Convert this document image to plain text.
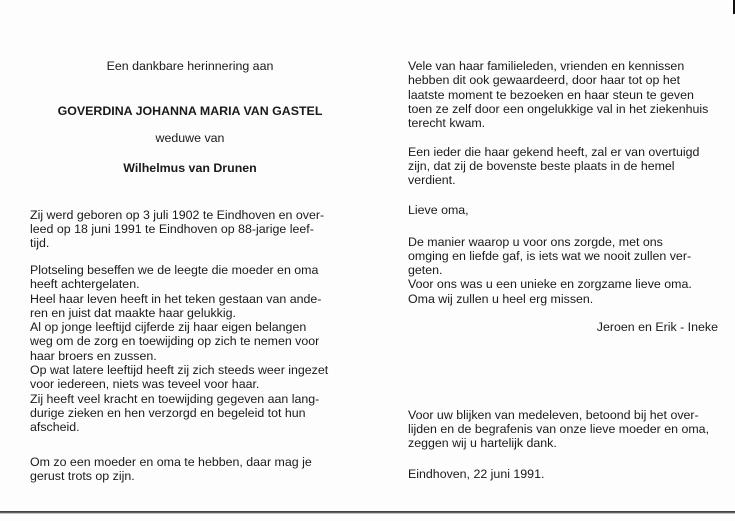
Een dankbare herinnering aan
GOVERDINA JOHANNA MARIA VAN GASTEL
weduwe van
Wilhelmus van Drunen
Zij werd geboren op 3 juli 1902 te Eindhoven en over-
leed op 18 juni 1991 te Eindhoven op 88-jarige leef-
tijd.
Plotseling beseffen we de leegte die moeder en oma
heeft achtergelaten.
Heel haar leven heeft in het teken gestaan van ande-
ren en juist dat maakte haar gelukkig.
Al op jonge leeftijd cijferde zij haar eigen belangen
weg om de zorg en toewijding op zich te nemen voor
haar broers en zussen.
Op wat latere leeftijd heeft zij zich steeds weer ingezet
voor iedereen, niets was teveel voor haar.
Zij heeft veel kracht en toewijding gegeven aan lang-
durige zieken en hen verzorgd en begeleid tot hun
afscheid.
Om zo een moeder en oma te hebben, daar mag je
gerust trots op zijn.
Vele van haar familieleden, vrienden en kennissen
hebben dit ook gewaardeerd, door haar tot op het
laatste moment te bezoeken en haar steun te geven
toen ze zelf door een ongelukkige val in het ziekenhuis
terecht kwam.
Een ieder die haar gekend heeft, zal er van overtuigd
zijn, dat zij de bovenste beste plaats in de hemel
verdient.
Lieve oma,
De manier waarop u voor ons zorgde, met ons
omging en liefde gaf, is iets wat we nooit zullen ver-
geten.
Voor ons was u een unieke en zorgzame lieve oma.
Oma wij zullen u heel erg missen.
Jeroen en Erik - Ineke
Voor uw blijken van medeleven, betoond bij het over-
lijden en de begrafenis van onze lieve moeder en oma,
zeggen wij u hartelijk dank.
Eindhoven, 22 juni 1991.
